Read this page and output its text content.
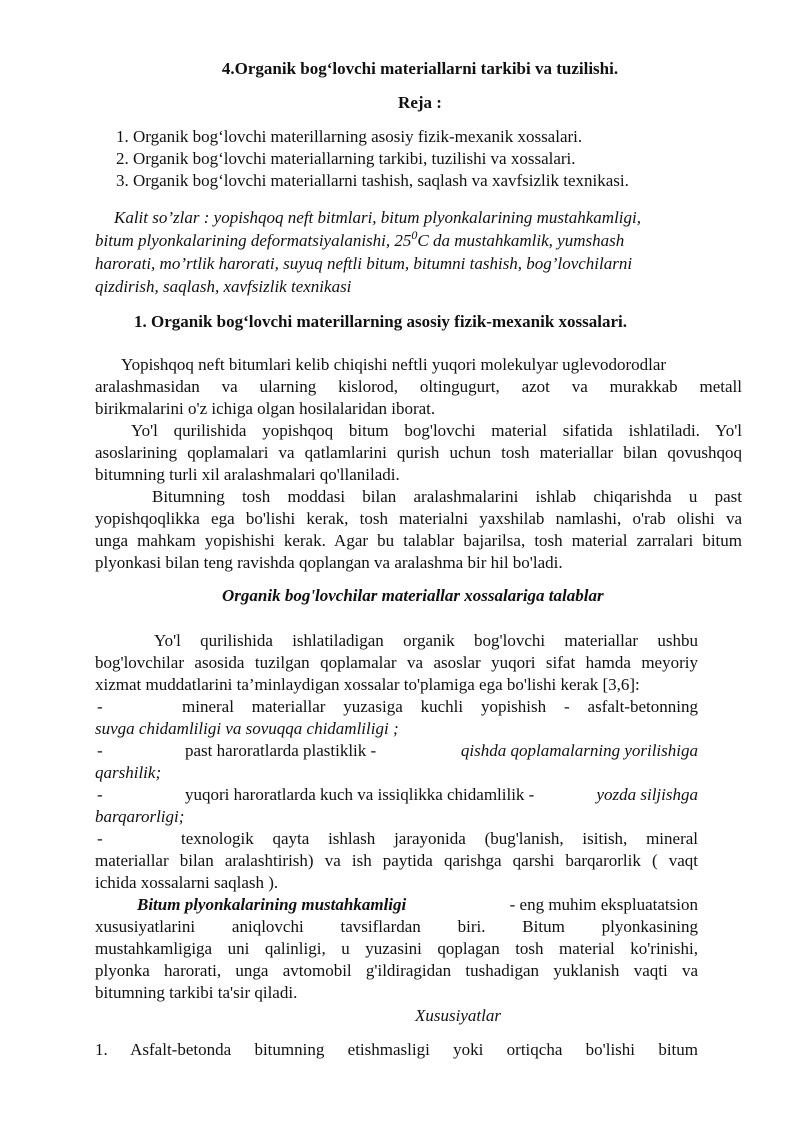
4.Organik bog‘lovchi materiallarni tarkibi va tuzilishi.
Reja :
1. Organik bog‘lovchi materillarning asosiy fizik-mexanik xossalari.
2. Organik bog‘lovchi materiallarning tarkibi, tuzilishi va xossalari.
3. Organik bog‘lovchi materiallarni tashish, saqlash va xavfsizlik texnikasi.
Kalit so’zlar : yopishqoq neft bitmlari, bitum plyonkalarining mustahkamligi,
bitum plyonkalarining deformatsiyalanishi, $25^0C$ da mustahkamlik, yumshash
harorati, mo’rtlik harorati, suyuq neftli bitum, bitumni tashish, bog’lovchilarni
qizdirish, saqlash, xavfsizlik texnikasi
1. Organik bog‘lovchi materillarning asosiy fizik-mexanik xossalari.
Yopishqoq neft bitumlari kelib chiqishi neftli yuqori molekulyar uglevodorodlar
aralashmasidan va ularning kislorod, oltingugurt, azot va murakkab metall
birikmalarini o'z ichiga olgan hosilalaridan iborat.
Yo'l qurilishida yopishqoq bitum bog'lovchi material sifatida ishlatiladi. Yo'l
asoslarining qoplamalari va qatlamlarini qurish uchun tosh materiallar bilan qovushqoq
bitumning turli xil aralashmalari qo'llaniladi.
Bitumning tosh moddasi bilan aralashmalarini ishlab chiqarishda u past
yopishqoqlikka ega bo'lishi kerak, tosh materialni yaxshilab namlashi, o'rab olishi va
unga mahkam yopishishi kerak. Agar bu talablar bajarilsa, tosh material zarralari bitum
plyonkasi bilan teng ravishda qoplangan va aralashma bir hil bo'ladi.
Organik bog'lovchilar materiallar xossalariga talablar
Yo'l qurilishida ishlatiladigan organik bog'lovchi materiallar ushbu
bog'lovchilar asosida tuzilgan qoplamalar va asoslar yuqori sifat hamda meyoriy
xizmat muddatlarini ta’minlaydigan xossalar to'plamiga ega bo'lishi kerak [3,6]:
-	mineral materiallar yuzasiga kuchli yopishish - asfalt-betonning
suvga chidamliligi va sovuqqa chidamliligi ;
-	past haroratlarda plastiklik -	qishda qoplamalarning yorilishiga
qarshilik;
-	yuqori haroratlarda kuch va issiqlikka chidamlilik -	yozda siljishga
barqarorligi;
-	texnologik qayta ishlash jarayonida (bug'lanish, isitish, mineral
materiallar bilan aralashtirish) va ish paytida qarishga qarshi barqarorlik ( vaqt
ichida xossalarni saqlash ).
Bitum plyonkalarining mustahkamligi	- eng muhim ekspluatatsion
xususiyatlarini aniqlovchi tavsiflardan biri. Bitum plyonkasining
mustahkamligiga uni qalinligi, u yuzasini qoplagan tosh material ko'rinishi,
plyonka harorati, unga avtomobil g'ildiragidan tushadigan yuklanish vaqti va
bitumning tarkibi ta'sir qiladi.
Xususiyatlar
1. Asfalt-betonda bitumning etishmasligi yoki ortiqcha bo'lishi bitum
